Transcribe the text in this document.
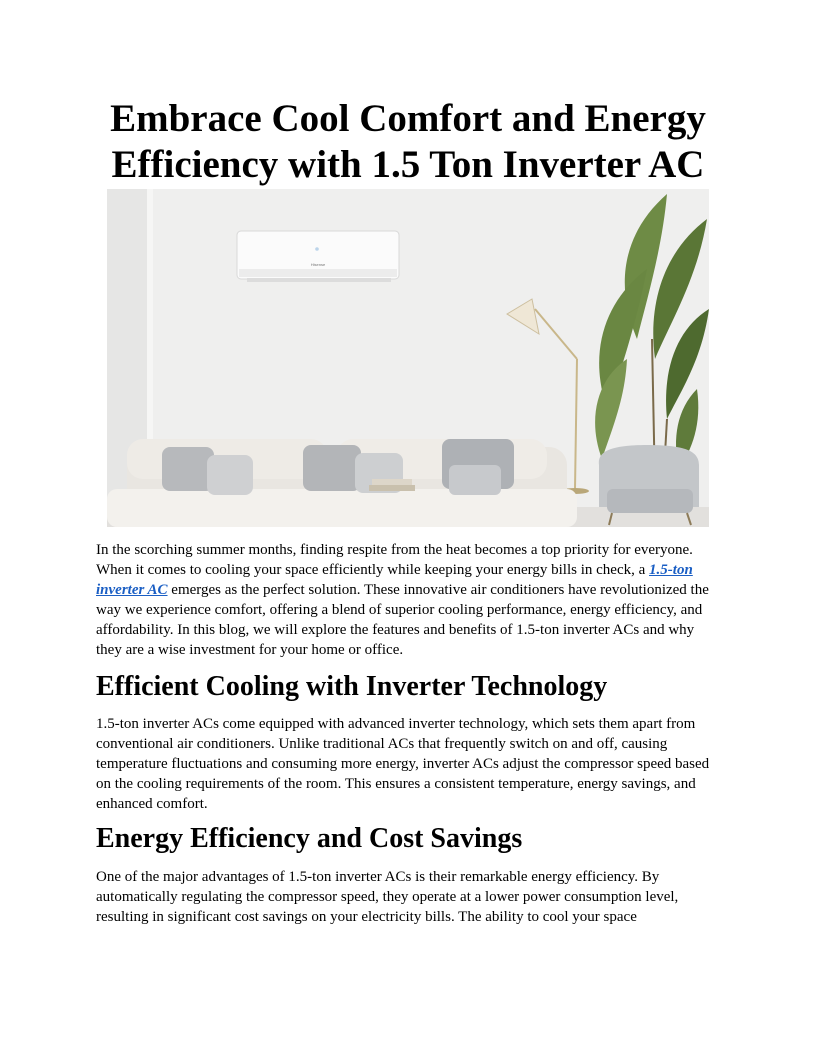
Embrace Cool Comfort and Energy Efficiency with 1.5 Ton Inverter AC
Hisense

In the scorching summer months, finding respite from the heat becomes a top priority for everyone. When it comes to cooling your space efficiently while keeping your energy bills in check, a 1.5-ton inverter AC emerges as the perfect solution. These innovative air conditioners have revolutionized the way we experience comfort, offering a blend of superior cooling performance, energy efficiency, and affordability. In this blog, we will explore the features and benefits of 1.5-ton inverter ACs and why they are a wise investment for your home or office.

Efficient Cooling with Inverter Technology

1.5-ton inverter ACs come equipped with advanced inverter technology, which sets them apart from conventional air conditioners. Unlike traditional ACs that frequently switch on and off, causing temperature fluctuations and consuming more energy, inverter ACs adjust the compressor speed based on the cooling requirements of the room. This ensures a consistent temperature, energy savings, and enhanced comfort.

Energy Efficiency and Cost Savings

One of the major advantages of 1.5-ton inverter ACs is their remarkable energy efficiency. By automatically regulating the compressor speed, they operate at a lower power consumption level, resulting in significant cost savings on your electricity bills. The ability to cool your space
